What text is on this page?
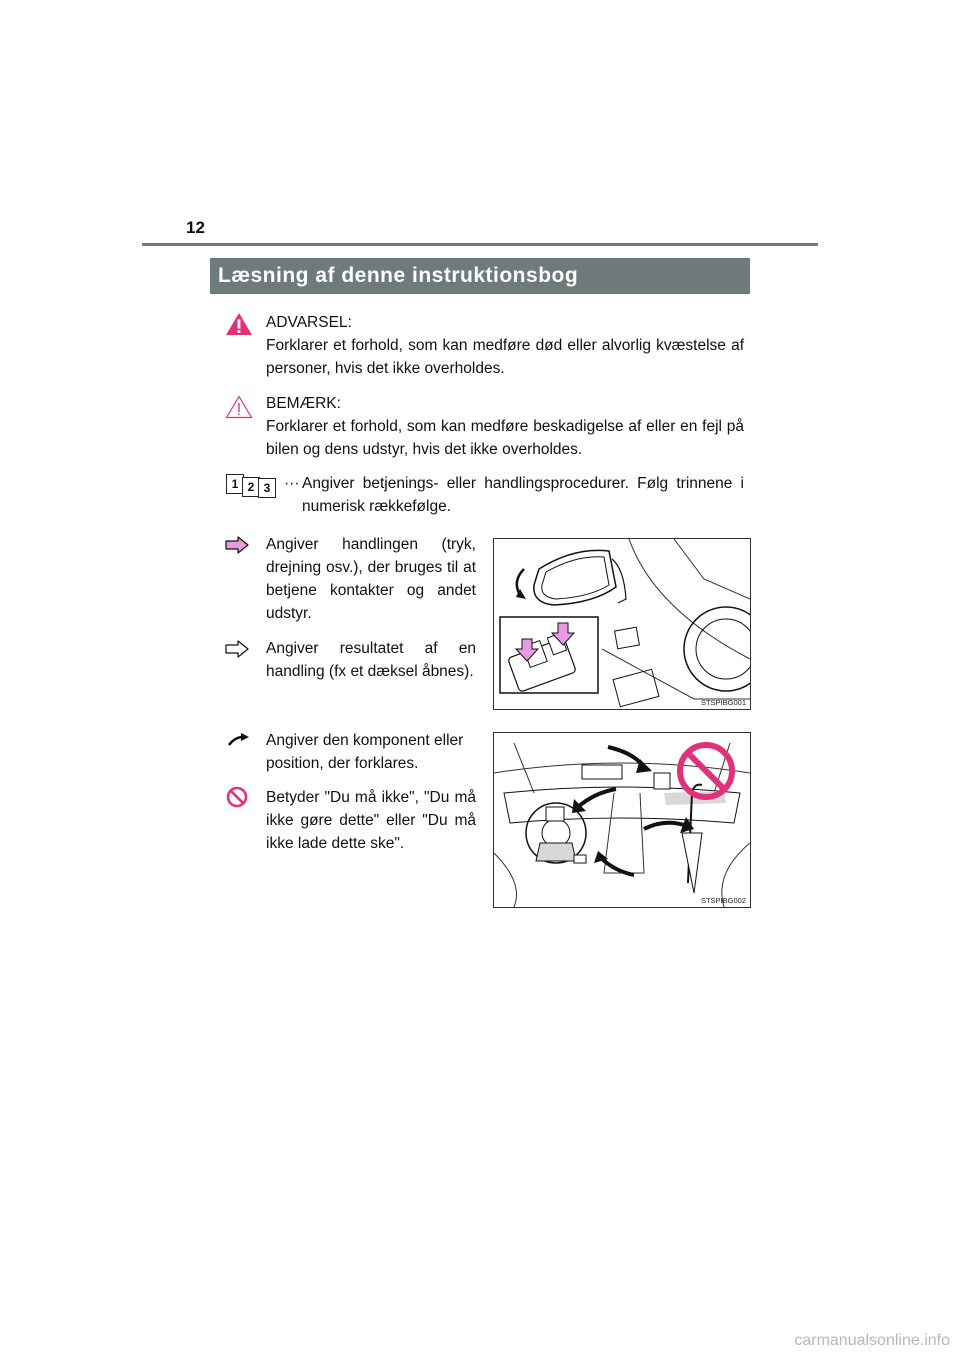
12
Læsning af denne instruktionsbog
ADVARSEL:
Forklarer et forhold, som kan medføre død eller alvorlig kvæstelse af personer, hvis det ikke overholdes.
BEMÆRK:
Forklarer et forhold, som kan medføre beskadigelse af eller en fejl på bilen og dens udstyr, hvis det ikke overholdes.
1 2 3 ··· Angiver betjenings- eller handlingsprocedurer. Følg trinnene i numerisk rækkefølge.
Angiver handlingen (tryk, drejning osv.), der bruges til at betjene kontakter og andet udstyr.
Angiver resultatet af en handling (fx et dæksel åbnes).
STSPIBG001
Angiver den komponent eller position, der forklares.
Betyder "Du må ikke", "Du må ikke gøre dette" eller "Du må ikke lade dette ske".
STSPIBG002
carmanualsonline.info
